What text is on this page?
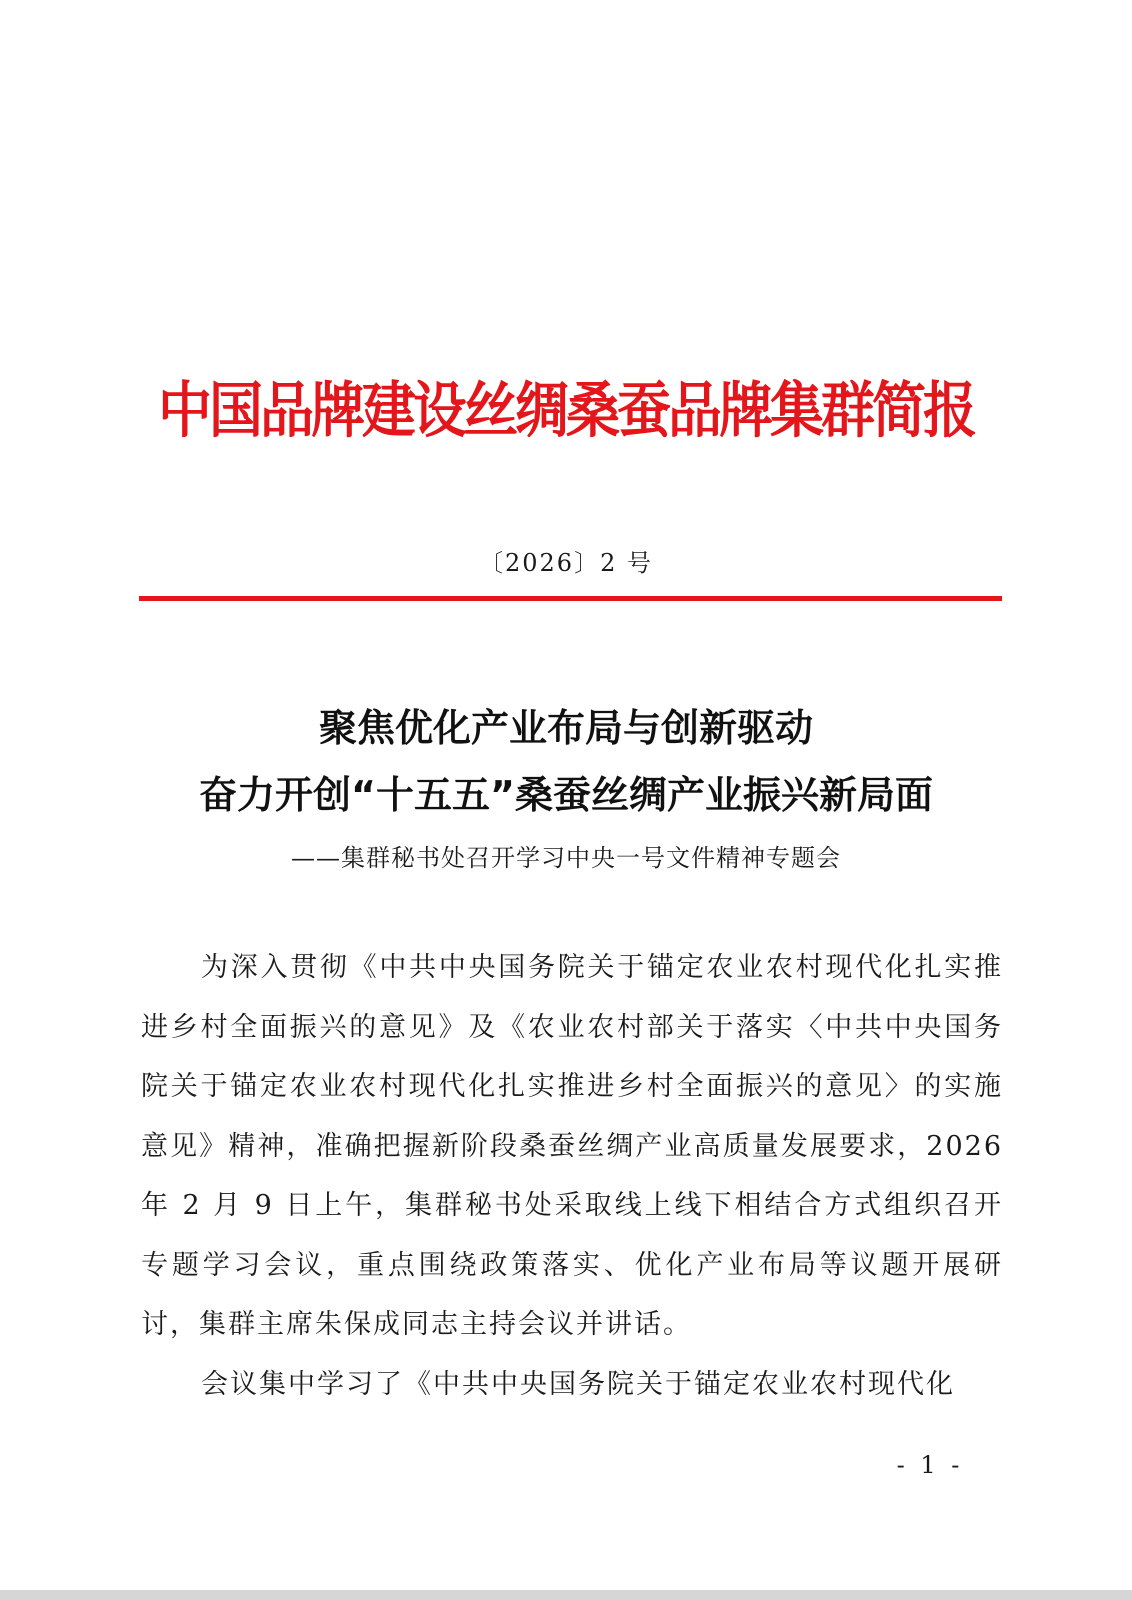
中国品牌建设丝绸桑蚕品牌集群简报
〔2026〕2 号
聚焦优化产业布局与创新驱动
奋力开创“十五五”桑蚕丝绸产业振兴新局面
——集群秘书处召开学习中央一号文件精神专题会

为深入贯彻《中共中央国务院关于锚定农业农村现代化扎实推进乡村全面振兴的意见》及《农业农村部关于落实〈中共中央国务院关于锚定农业农村现代化扎实推进乡村全面振兴的意见〉的实施意见》精神，准确把握新阶段桑蚕丝绸产业高质量发展要求，2026 年 2 月 9 日上午，集群秘书处采取线上线下相结合方式组织召开专题学习会议，重点围绕政策落实、优化产业布局等议题开展研讨，集群主席朱保成同志主持会议并讲话。

会议集中学习了《中共中央国务院关于锚定农业农村现代化

- 1 -
